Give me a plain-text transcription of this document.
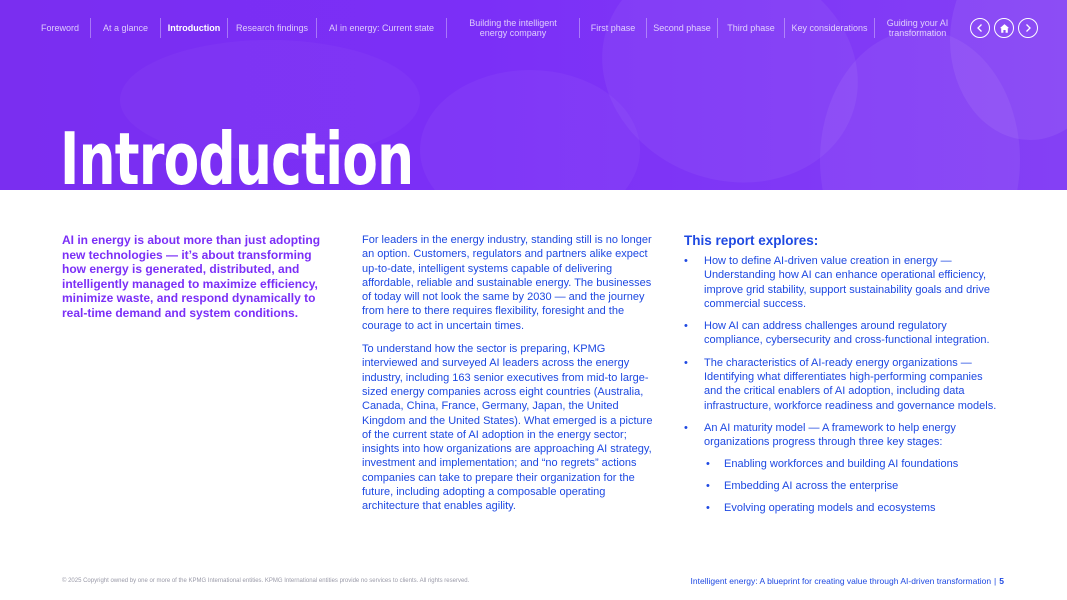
Foreword	At a glance	Introduction	Research findings	AI in energy: Current state	Building the intelligent energy company	First phase	Second phase	Third phase	Key considerations	Guiding your AI transformation
Introduction

AI in energy is about more than just adopting new technologies — it’s about transforming how energy is generated, distributed, and intelligently managed to maximize efficiency, minimize waste, and respond dynamically to real-time demand and system conditions.

For leaders in the energy industry, standing still is no longer an option. Customers, regulators and partners alike expect up-to-date, intelligent systems capable of delivering affordable, reliable and sustainable energy. The businesses of today will not look the same by 2030 — and the journey from here to there requires flexibility, foresight and the courage to act in uncertain times.

To understand how the sector is preparing, KPMG interviewed and surveyed AI leaders across the energy industry, including 163 senior executives from mid-to large-sized energy companies across eight countries (Australia, Canada, China, France, Germany, Japan, the United Kingdom and the United States). What emerged is a picture of the current state of AI adoption in the energy sector; insights into how organizations are approaching AI strategy, investment and implementation; and “no regrets” actions companies can take to prepare their organization for the future, including adopting a composable operating architecture that enables agility.

This report explores:
• How to define AI-driven value creation in energy — Understanding how AI can enhance operational efficiency, improve grid stability, support sustainability goals and drive commercial success.
• How AI can address challenges around regulatory compliance, cybersecurity and cross-functional integration.
• The characteristics of AI-ready energy organizations — Identifying what differentiates high-performing companies and the critical enablers of AI adoption, including data infrastructure, workforce readiness and governance models.
• An AI maturity model — A framework to help energy organizations progress through three key stages:
• Enabling workforces and building AI foundations
• Embedding AI across the enterprise
• Evolving operating models and ecosystems
© 2025 Copyright owned by one or more of the KPMG International entities. KPMG International entities provide no services to clients. All rights reserved.	Intelligent energy: A blueprint for creating value through AI-driven transformation | 5
